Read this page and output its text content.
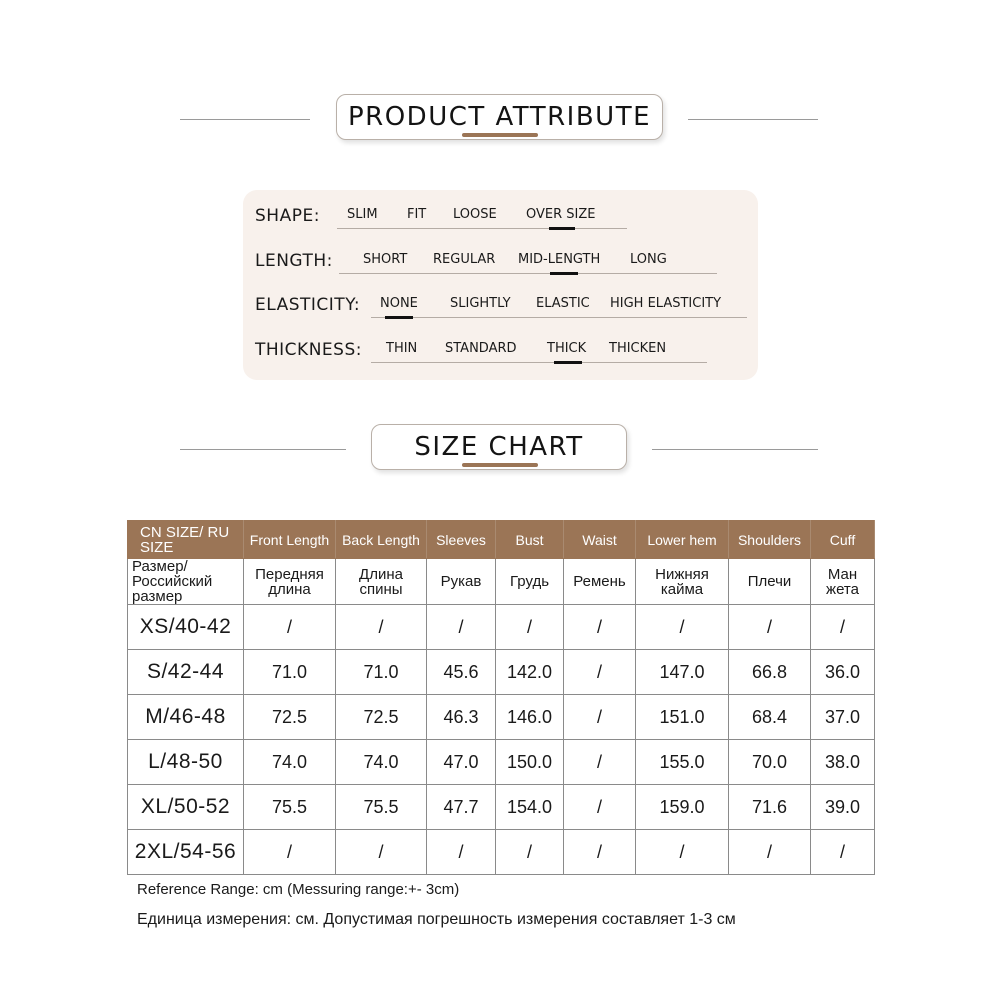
PRODUCT ATTRIBUTE
SHAPE: SLIM FIT LOOSE OVER SIZE
LENGTH: SHORT REGULAR MID-LENGTH LONG
ELASTICITY: NONE SLIGHTLY ELASTIC HIGH ELASTICITY
THICKNESS: THIN STANDARD THICK THICKEN
SIZE CHART
CN SIZE/ RU SIZE	Front Length	Back Length	Sleeves	Bust	Waist	Lower hem	Shoulders	Cuff
Размер/ Российский размер	Передняя длина	Длина спины	Рукав	Грудь	Ремень	Нижняя кайма	Плечи	Ман жета
XS/40-42	/	/	/	/	/	/	/	/
S/42-44	71.0	71.0	45.6	142.0	/	147.0	66.8	36.0
M/46-48	72.5	72.5	46.3	146.0	/	151.0	68.4	37.0
L/48-50	74.0	74.0	47.0	150.0	/	155.0	70.0	38.0
XL/50-52	75.5	75.5	47.7	154.0	/	159.0	71.6	39.0
2XL/54-56	/	/	/	/	/	/	/	/
Reference Range: cm (Messuring range:+- 3cm)
Единица измерения: см. Допустимая погрешность измерения составляет 1-3 см
